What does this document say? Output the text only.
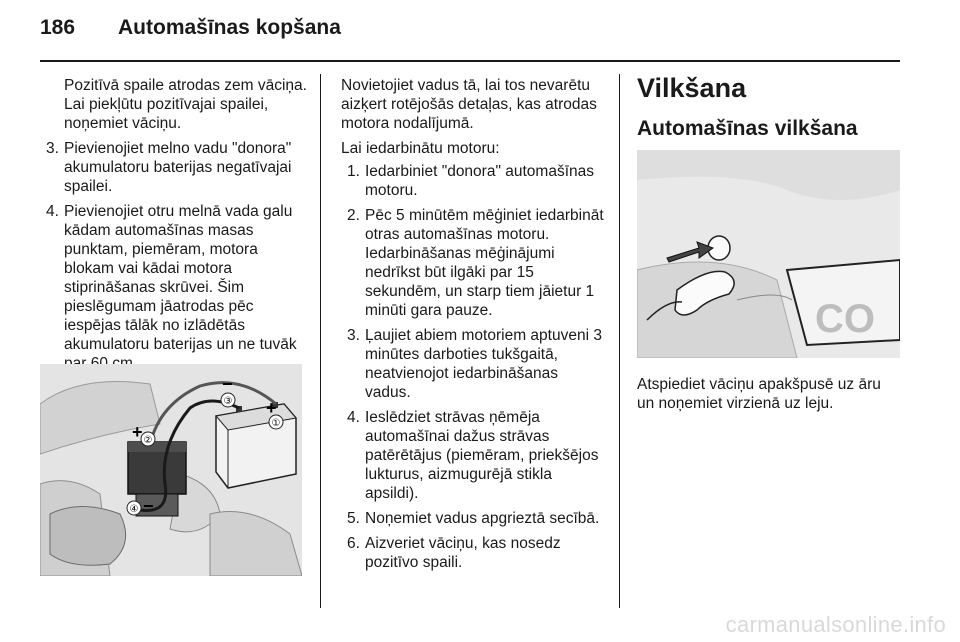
186 Automašīnas kopšana

Pozitīvā spaile atrodas zem vāciņa. Lai piekļūtu pozitīvajai spailei, noņemiet vāciņu.

3. Pievienojiet melno vadu "donora" akumulatoru baterijas negatīvajai spailei.
4. Pievienojiet otru melnā vada galu kādam automašīnas masas punktam, piemēram, motora blokam vai kādai motora stiprināšanas skrūvei. Šim pieslēgumam jāatrodas pēc iespējas tālāk no izlādētās akumulatoru baterijas un ne tuvāk
①
②
③
④
−
+
+
−

Novietojiet vadus tā, lai tos nevarētu aizķert rotējošās detaļas, kas atrodas motora nodalījumā.

Lai iedarbinātu motoru:

1. Iedarbiniet "donora" automašīnas motoru.
2. Pēc 5 minūtēm mēģiniet iedarbināt otras automašīnas motoru. Iedarbināšanas mēģinājumi nedrīkst būt ilgāki par 15 sekundēm, un starp tiem jāietur 1 minūti gara pauze.
3. Ļaujiet abiem motoriem aptuveni 3 minūtes darboties tukšgaitā, neatvienojot iedarbināšanas vadus.
4. Ieslēdziet strāvas ņēmēja automašīnai dažus strāvas patērētājus (piemēram, priekšējos lukturus, aizmugurējā stikla apsildi).
5. Noņemiet vadus apgrieztā secībā.
6. Aizveriet vāciņu, kas nosedz pozitīvo spaili.
Vilkšana
Automašīnas vilkšana
CO

Atspiediet vāciņu apakšpusē uz āru un noņemiet virzienā uz leju.

carmanualsonline.info
